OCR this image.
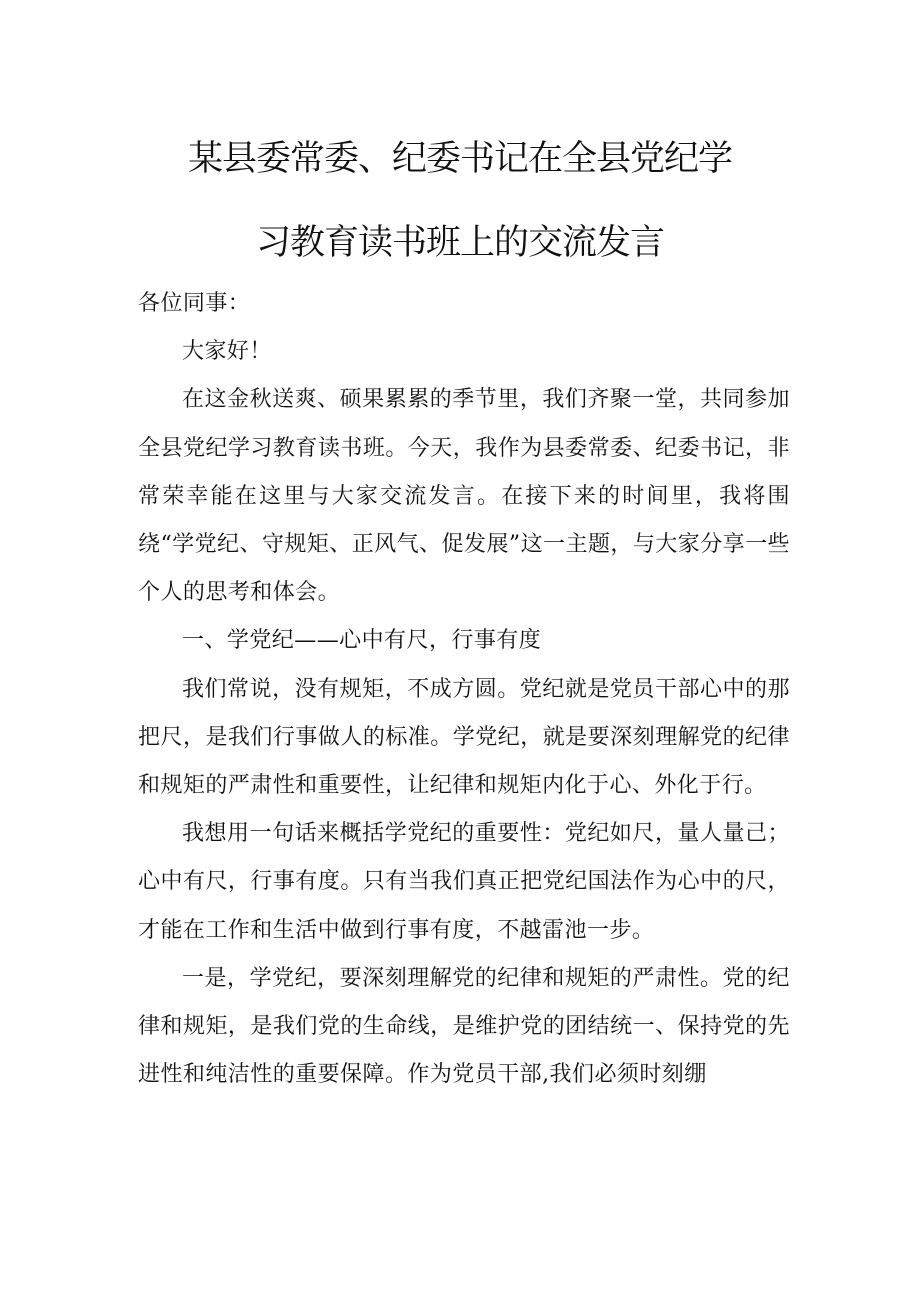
某县委常委、纪委书记在全县党纪学
习教育读书班上的交流发言

各位同事：

大家好！

在这金秋送爽、硕果累累的季节里，我们齐聚一堂，共同参加全县党纪学习教育读书班。今天，我作为县委常委、纪委书记，非常荣幸能在这里与大家交流发言。在接下来的时间里，我将围绕“学党纪、守规矩、正风气、促发展”这一主题，与大家分享一些个人的思考和体会。

一、学党纪——心中有尺，行事有度

我们常说，没有规矩，不成方圆。党纪就是党员干部心中的那把尺，是我们行事做人的标准。学党纪，就是要深刻理解党的纪律和规矩的严肃性和重要性，让纪律和规矩内化于心、外化于行。

我想用一句话来概括学党纪的重要性：党纪如尺，量人量己；心中有尺，行事有度。只有当我们真正把党纪国法作为心中的尺，才能在工作和生活中做到行事有度，不越雷池一步。

一是，学党纪，要深刻理解党的纪律和规矩的严肃性。党的纪律和规矩，是我们党的生命线，是维护党的团结统一、保持党的先进性和纯洁性的重要保障。作为党员干部,我们必须时刻绷
